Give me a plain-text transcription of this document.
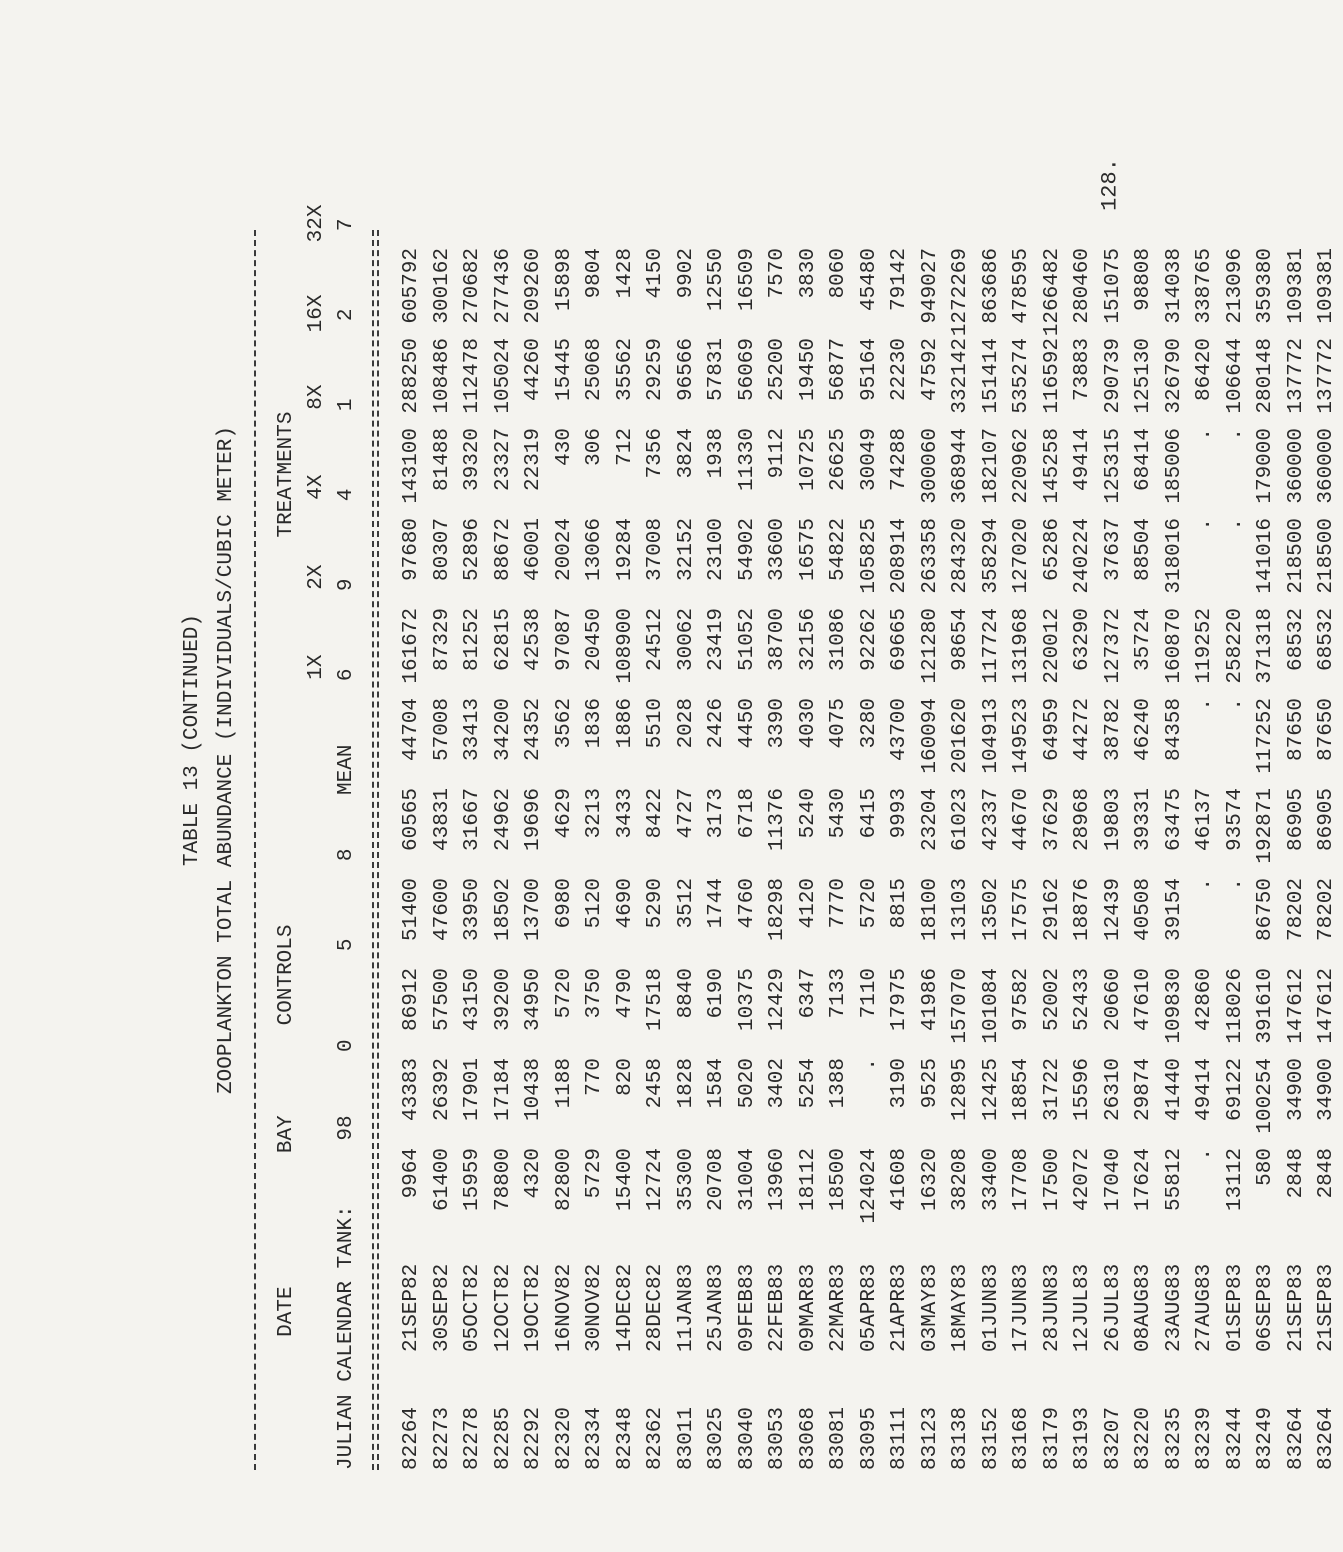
128.
TABLE 13 (CONTINUED) ZOOPLANKTON TOTAL ABUNDANCE (INDIVIDUALS/CUBIC METER)
	DATE	BAY		CONTROLS					TREATMENTS			
							1X	2X	4X	8X	16X	32X
JULIAN CALENDAR TANK:		98	0	5	8	MEAN	6	9	4	1	2	7
82264	21SEP82	9964	43383	86912	51400	60565	44704	161672	97680	143100	288250	605792
82273	30SEP82	61400	26392	57500	47600	43831	57008	87329	80307	81488	108486	300162
82278	05OCT82	15959	17901	43150	33950	31667	33413	81252	52896	39320	112478	270682
82285	12OCT82	78800	17184	39200	18502	24962	34200	62815	88672	23327	105024	277436
82292	19OCT82	4320	10438	34950	13700	19696	24352	42538	46001	22319	44260	209260
82320	16NOV82	82800	1188	5720	6980	4629	3562	97087	20024	430	15445	15898
82334	30NOV82	5729	770	3750	5120	3213	1836	20450	13066	306	25068	9804
82348	14DEC82	15400	820	4790	4690	3433	1886	108900	19284	712	35562	1428
82362	28DEC82	12724	2458	17518	5290	8422	5510	24512	37008	7356	29259	4150
83011	11JAN83	35300	1828	8840	3512	4727	2028	30062	32152	3824	96566	9902
83025	25JAN83	20708	1584	6190	1744	3173	2426	23419	23100	1938	57831	12550
83040	09FEB83	31004	5020	10375	4760	6718	4450	51052	54902	11330	56069	16509
83053	22FEB83	13960	3402	12429	18298	11376	3390	38700	33600	9112	25200	7570
83068	09MAR83	18112	5254	6347	4120	5240	4030	32156	16575	10725	19450	3830
83081	22MAR83	18500	1388	7133	7770	5430	4075	31086	54822	26625	56877	8060
83095	05APR83	124024	.	7110	5720	6415	3280	92262	105825	30049	95164	45480
83111	21APR83	41608	3190	17975	8815	9993	43700	69665	208914	74288	22230	79142
83123	03MAY83	16320	9525	41986	18100	23204	160094	121280	263358	300060	47592	949027
83138	18MAY83	38208	12895	157070	13103	61023	201620	98654	284320	368944	332142	1272269
83152	01JUN83	33400	12425	101084	13502	42337	104913	117724	358294	182107	151414	863686
83168	17JUN83	17708	18854	97582	17575	44670	149523	131968	127020	220962	535274	478595
83179	28JUN83	17500	31722	52002	29162	37629	64959	220012	65286	145258	116592	1266482
83193	12JUL83	42072	15596	52433	18876	28968	44272	63290	240224	49414	73883	280460
83207	26JUL83	17040	26310	20660	12439	19803	38782	127372	37637	125315	290739	151075
83220	08AUG83	17624	29874	47610	40508	39331	46240	35724	88504	68414	125130	98808
83235	23AUG83	55812	41440	109830	39154	63475	84358	160870	318016	185006	326790	314038
83239	27AUG83	.	49414	42860	.	46137	.	119252	.	.	86420	338765
83244	01SEP83	13112	69122	118026	.	93574	.	258220	.	.	106644	213096
83249	06SEP83	580	100254	391610	86750	192871	117252	371318	141016	179000	280148	359380
83264	21SEP83	2848	34900	147612	78202	86905	87650	68532	218500	360000	137772	109381
83264	21SEP83	2848	34900	147612	78202	86905	87650	68532	218500	360000	137772	109381
